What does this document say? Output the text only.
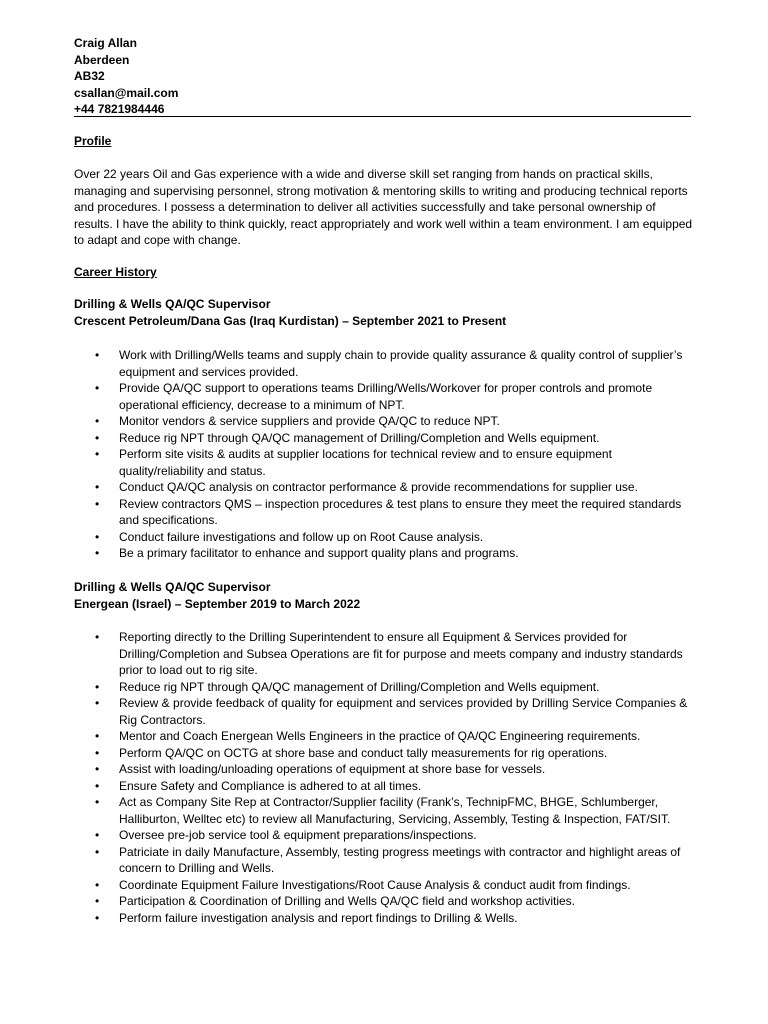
Craig Allan
Aberdeen
AB32
csallan@mail.com
+44 7821984446
Profile
Over 22 years Oil and Gas experience with a wide and diverse skill set ranging from hands on practical skills, managing and supervising personnel, strong motivation & mentoring skills to writing and producing technical reports and procedures. I possess a determination to deliver all activities successfully and take personal ownership of results. I have the ability to think quickly, react appropriately and work well within a team environment. I am equipped to adapt and cope with change.
Career History
Drilling & Wells QA/QC Supervisor
Crescent Petroleum/Dana Gas (Iraq Kurdistan) – September 2021 to Present
• Work with Drilling/Wells teams and supply chain to provide quality assurance & quality control of supplier’s equipment and services provided.
• Provide QA/QC support to operations teams Drilling/Wells/Workover for proper controls and promote operational efficiency, decrease to a minimum of NPT.
• Monitor vendors & service suppliers and provide QA/QC to reduce NPT.
• Reduce rig NPT through QA/QC management of Drilling/Completion and Wells equipment.
• Perform site visits & audits at supplier locations for technical review and to ensure equipment quality/reliability and status.
• Conduct QA/QC analysis on contractor performance & provide recommendations for supplier use.
• Review contractors QMS – inspection procedures & test plans to ensure they meet the required standards and specifications.
• Conduct failure investigations and follow up on Root Cause analysis.
• Be a primary facilitator to enhance and support quality plans and programs.
Drilling & Wells QA/QC Supervisor
Energean (Israel) – September 2019 to March 2022
• Reporting directly to the Drilling Superintendent to ensure all Equipment & Services provided for Drilling/Completion and Subsea Operations are fit for purpose and meets company and industry standards prior to load out to rig site.
• Reduce rig NPT through QA/QC management of Drilling/Completion and Wells equipment.
• Review & provide feedback of quality for equipment and services provided by Drilling Service Companies & Rig Contractors.
• Mentor and Coach Energean Wells Engineers in the practice of QA/QC Engineering requirements.
• Perform QA/QC on OCTG at shore base and conduct tally measurements for rig operations.
• Assist with loading/unloading operations of equipment at shore base for vessels.
• Ensure Safety and Compliance is adhered to at all times.
• Act as Company Site Rep at Contractor/Supplier facility (Frank’s, TechnipFMC, BHGE, Schlumberger, Halliburton, Welltec etc) to review all Manufacturing, Servicing, Assembly, Testing & Inspection, FAT/SIT.
• Oversee pre-job service tool & equipment preparations/inspections.
• Patriciate in daily Manufacture, Assembly, testing progress meetings with contractor and highlight areas of concern to Drilling and Wells.
• Coordinate Equipment Failure Investigations/Root Cause Analysis & conduct audit from findings.
• Participation & Coordination of Drilling and Wells QA/QC field and workshop activities.
• Perform failure investigation analysis and report findings to Drilling & Wells.
